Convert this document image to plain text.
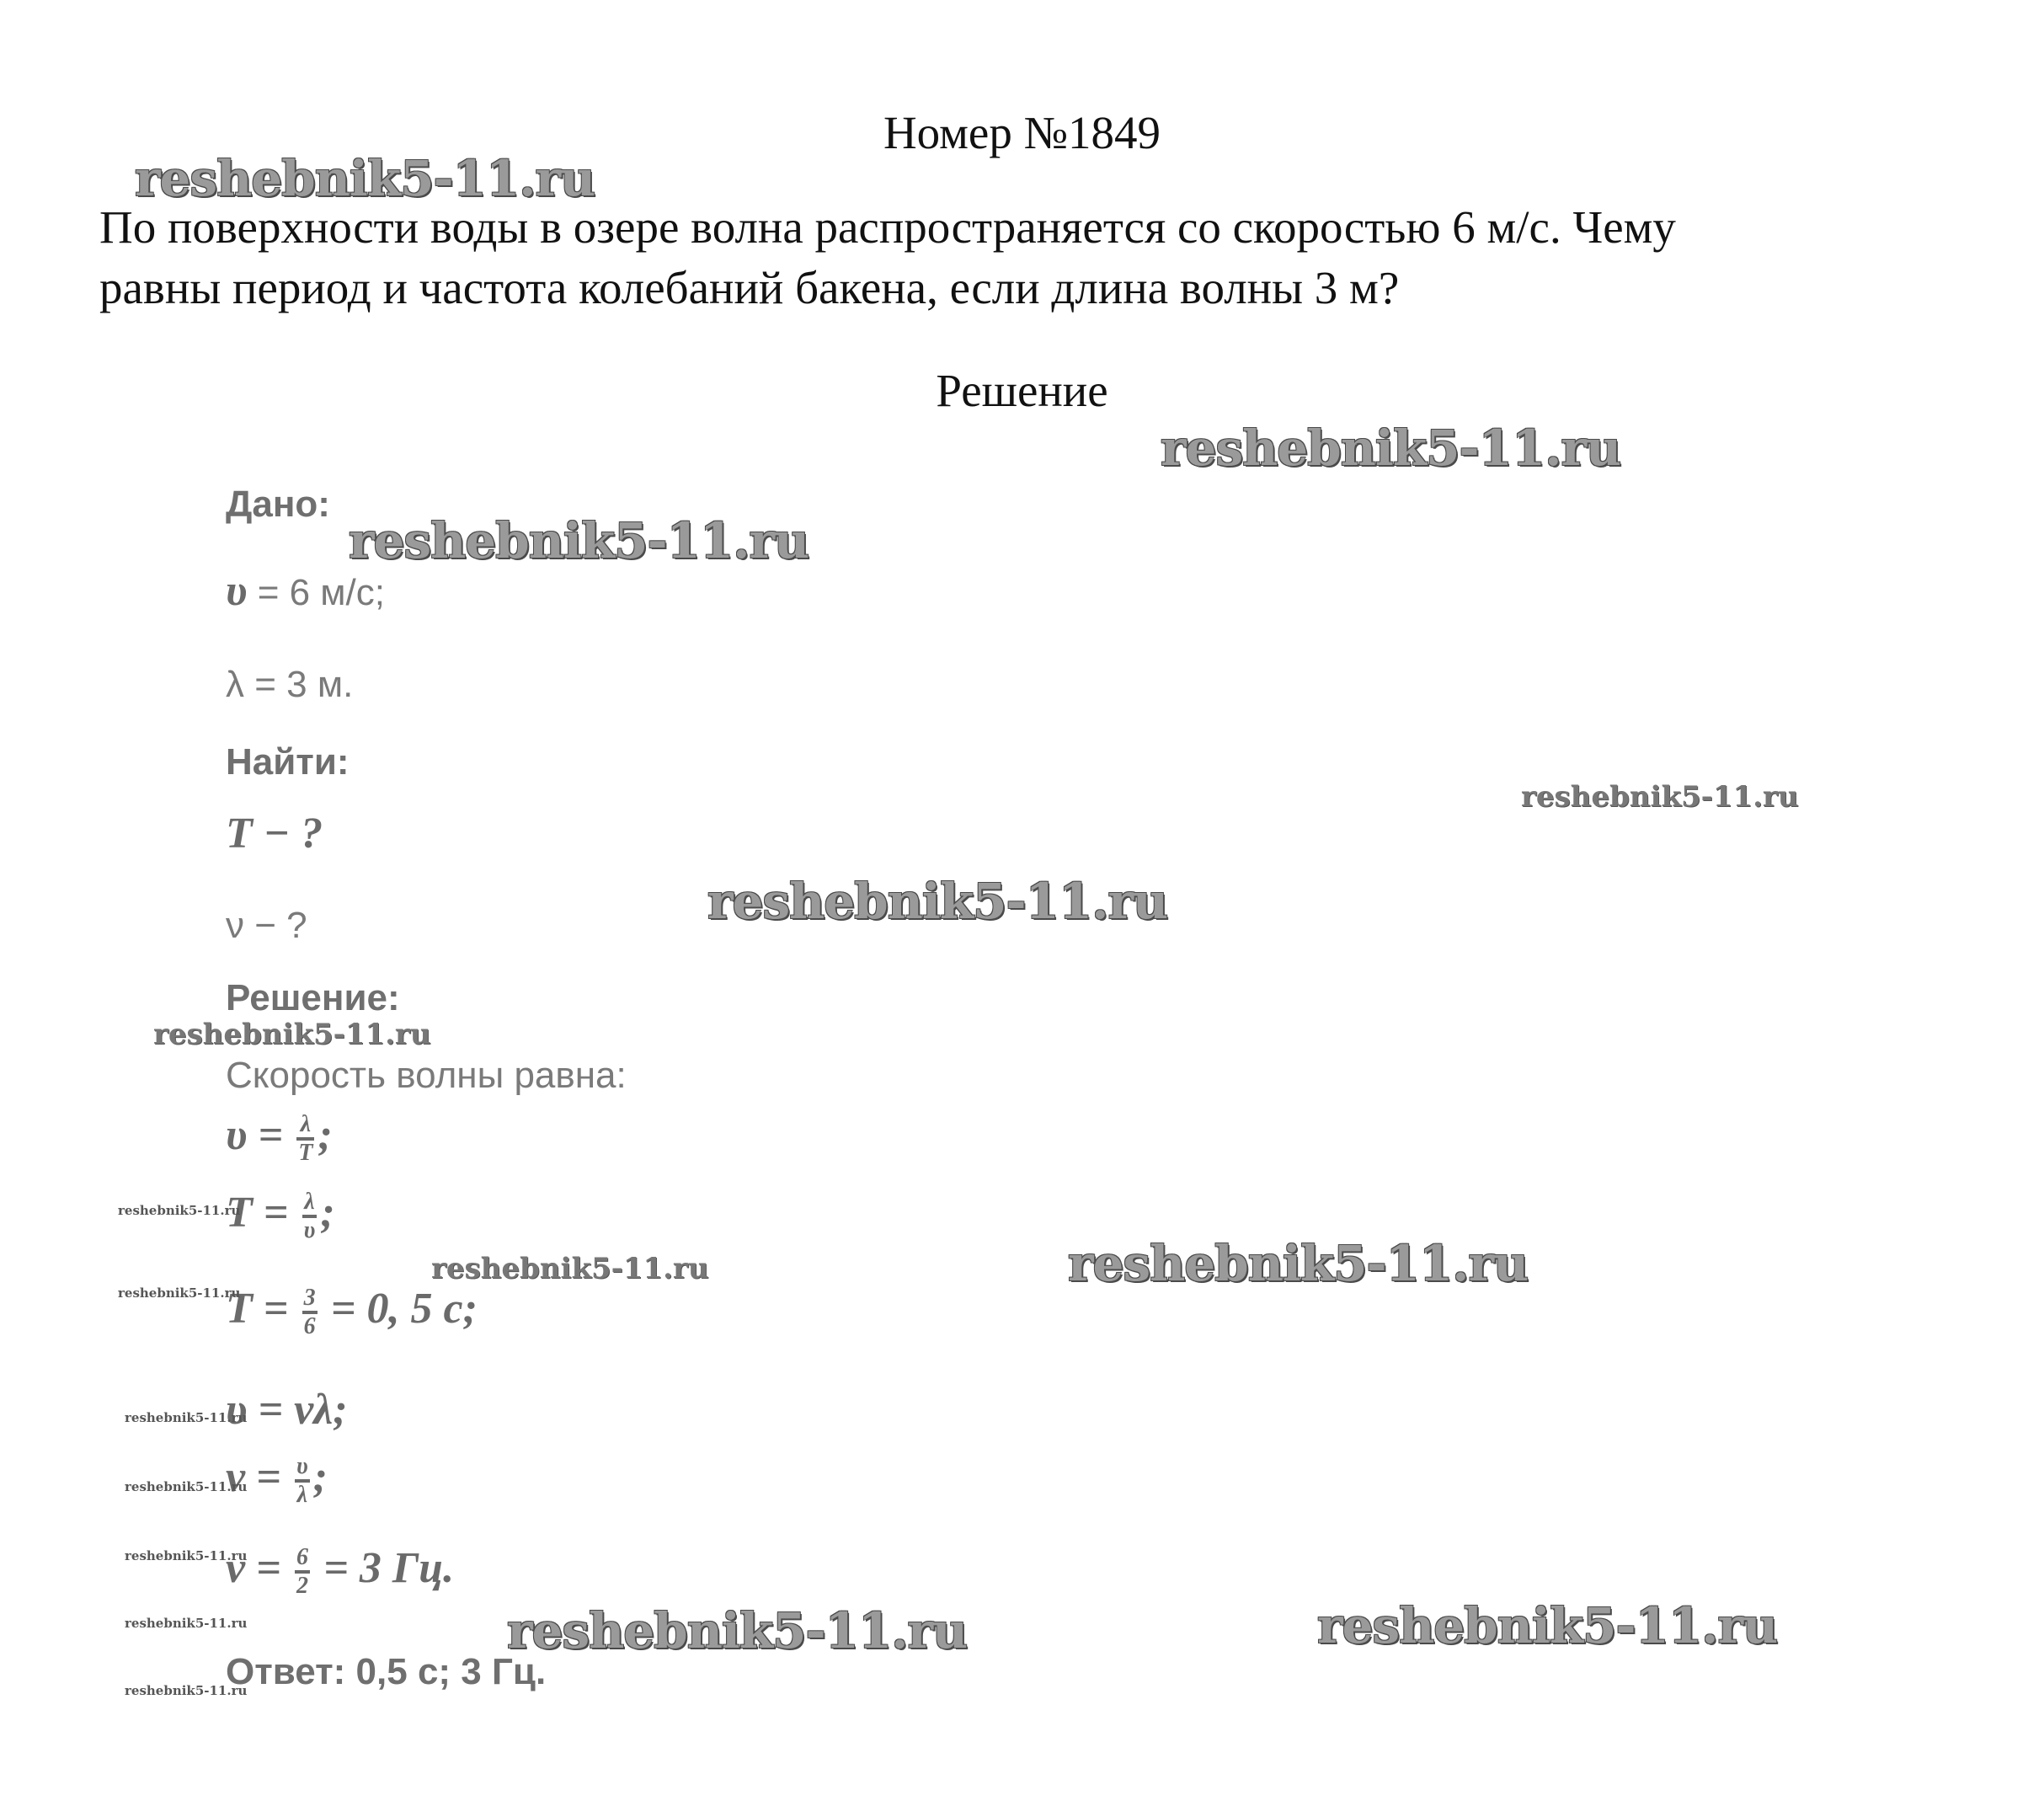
Номер №1849
По поверхности воды в озере волна распространяется со скоростью 6 м/с. Чему
равны период и частота колебаний бакена, если длина волны 3 м?
Решение
Дано:
υ = 6 м/с;
λ = 3 м.
Найти:
T − ?
ν − ?
Решение:
Скорость волны равна:
$\upsilon = \frac{\lambda}{T}$ ;
$T = \frac{\lambda}{\upsilon}$ ;
$T = \frac{3}{6} = 0$, 5 с;
υ = νλ;
$\nu = \frac{\upsilon}{\lambda}$ ;
$\nu = \frac{6}{2} = 3$ Гц.
Ответ: 0,5 с; 3 Гц.
reshebnik5-11.ru
reshebnik5-11.ru
reshebnik5-11.ru
reshebnik5-11.ru
reshebnik5-11.ru
reshebnik5-11.ru
reshebnik5-11.ru
reshebnik5-11.ru	reshebnik5-11.ru
reshebnik5-11.ru
reshebnik5-11.ru
reshebnik5-11.ru
reshebnik5-11.ru
reshebnik5-11.ru	reshebnik5-11.ru	reshebnik5-11.ru
reshebnik5-11.ru
